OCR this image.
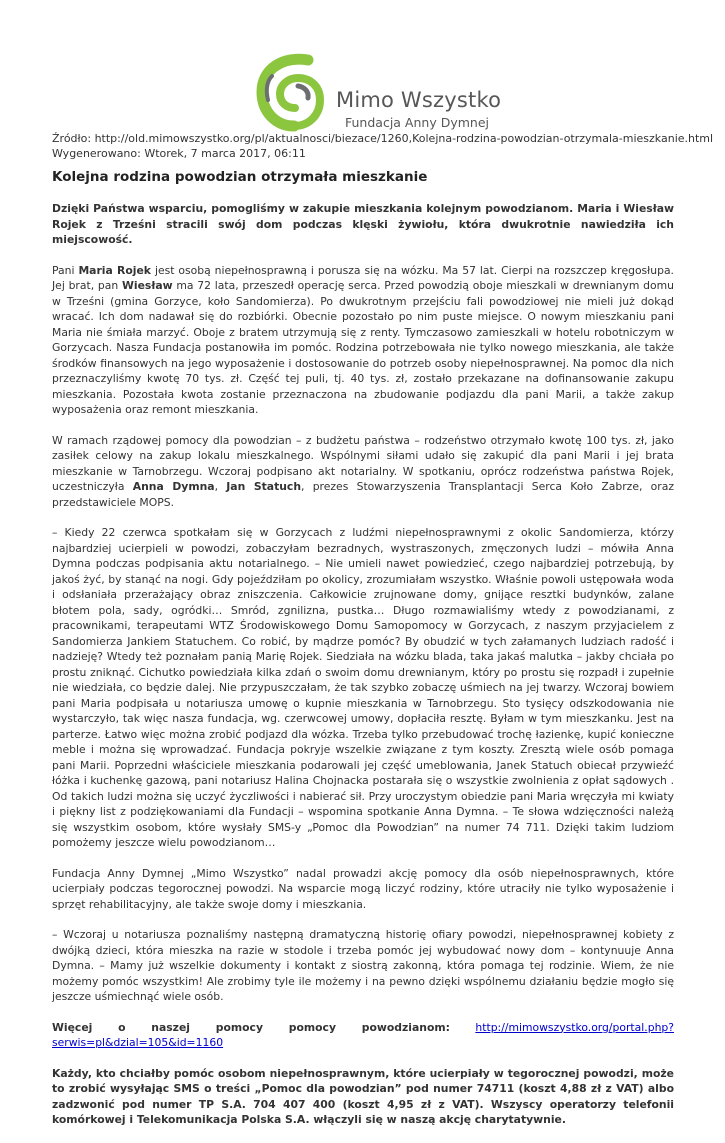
Mimo Wszystko
Fundacja Anny Dymnej
Źródło: http://old.mimowszystko.org/pl/aktualnosci/biezace/1260,Kolejna-rodzina-powodzian-otrzymala-mieszkanie.html
Wygenerowano: Wtorek, 7 marca 2017, 06:11
Kolejna rodzina powodzian otrzymała mieszkanie
Dzięki Państwa wsparciu, pomogliśmy w zakupie mieszkania kolejnym powodzianom. Maria i Wiesław Rojek z Trześni stracili swój dom podczas klęski żywiołu, która dwukrotnie nawiedziła ich miejscowość.
Pani Maria Rojek jest osobą niepełnosprawną i porusza się na wózku. Ma 57 lat. Cierpi na rozszczep kręgosłupa. Jej brat, pan Wiesław ma 72 lata, przeszedł operację serca. Przed powodzią oboje mieszkali w drewnianym domu w Trześni (gmina Gorzyce, koło Sandomierza). Po dwukrotnym przejściu fali powodziowej nie mieli już dokąd wracać. Ich dom nadawał się do rozbiórki. Obecnie pozostało po nim puste miejsce. O nowym mieszkaniu pani Maria nie śmiała marzyć. Oboje z bratem utrzymują się z renty. Tymczasowo zamieszkali w hotelu robotniczym w Gorzycach. Nasza Fundacja postanowiła im pomóc. Rodzina potrzebowała nie tylko nowego mieszkania, ale także środków finansowych na jego wyposażenie i dostosowanie do potrzeb osoby niepełnosprawnej. Na pomoc dla nich przeznaczyliśmy kwotę 70 tys. zł. Część tej puli, tj. 40 tys. zł, zostało przekazane na dofinansowanie zakupu mieszkania. Pozostała kwota zostanie przeznaczona na zbudowanie podjazdu dla pani Marii, a także zakup wyposażenia oraz remont mieszkania.
W ramach rządowej pomocy dla powodzian – z budżetu państwa – rodzeństwo otrzymało kwotę 100 tys. zł, jako zasiłek celowy na zakup lokalu mieszkalnego. Wspólnymi siłami udało się zakupić dla pani Marii i jej brata mieszkanie w Tarnobrzegu. Wczoraj podpisano akt notarialny. W spotkaniu, oprócz rodzeństwa państwa Rojek, uczestniczyła Anna Dymna, Jan Statuch, prezes Stowarzyszenia Transplantacji Serca Koło Zabrze, oraz przedstawiciele MOPS.
– Kiedy 22 czerwca spotkałam się w Gorzycach z ludźmi niepełnosprawnymi z okolic Sandomierza, którzy najbardziej ucierpieli w powodzi, zobaczyłam bezradnych, wystraszonych, zmęczonych ludzi – mówiła Anna Dymna podczas podpisania aktu notarialnego. – Nie umieli nawet powiedzieć, czego najbardziej potrzebują, by jakoś żyć, by stanąć na nogi. Gdy pojeździłam po okolicy, zrozumiałam wszystko. Właśnie powoli ustępowała woda i odsłaniała przerażający obraz zniszczenia. Całkowicie zrujnowane domy, gnijące resztki budynków, zalane błotem pola, sady, ogródki… Smród, zgnilizna, pustka… Długo rozmawialiśmy wtedy z powodzianami, z pracownikami, terapeutami WTZ Środowiskowego Domu Samopomocy w Gorzycach, z naszym przyjacielem z Sandomierza Jankiem Statuchem. Co robić, by mądrze pomóc? By obudzić w tych załamanych ludziach radość i nadzieję? Wtedy też poznałam panią Marię Rojek. Siedziała na wózku blada, taka jakaś malutka – jakby chciała po prostu zniknąć. Cichutko powiedziała kilka zdań o swoim domu drewnianym, który po prostu się rozpadł i zupełnie nie wiedziała, co będzie dalej. Nie przypuszczałam, że tak szybko zobaczę uśmiech na jej twarzy. Wczoraj bowiem pani Maria podpisała u notariusza umowę o kupnie mieszkania w Tarnobrzegu. Sto tysięcy odszkodowania nie wystarczyło, tak więc nasza fundacja, wg. czerwcowej umowy, dopłaciła resztę. Byłam w tym mieszkanku. Jest na parterze. Łatwo więc można zrobić podjazd dla wózka. Trzeba tylko przebudować trochę łazienkę, kupić konieczne meble i można się wprowadzać. Fundacja pokryje wszelkie związane z tym koszty. Zresztą wiele osób pomaga pani Marii. Poprzedni właściciele mieszkania podarowali jej część umeblowania, Janek Statuch obiecał przywieźć łóżka i kuchenkę gazową, pani notariusz Halina Chojnacka postarała się o wszystkie zwolnienia z opłat sądowych . Od takich ludzi można się uczyć życzliwości i nabierać sił. Przy uroczystym obiedzie pani Maria wręczyła mi kwiaty i piękny list z podziękowaniami dla Fundacji – wspomina spotkanie Anna Dymna. – Te słowa wdzięczności należą się wszystkim osobom, które wysłały SMS-y „Pomoc dla Powodzian” na numer 74 711. Dzięki takim ludziom pomożemy jeszcze wielu powodzianom…
Fundacja Anny Dymnej „Mimo Wszystko” nadal prowadzi akcję pomocy dla osób niepełnosprawnych, które ucierpiały podczas tegorocznej powodzi. Na wsparcie mogą liczyć rodziny, które utraciły nie tylko wyposażenie i sprzęt rehabilitacyjny, ale także swoje domy i mieszkania.
– Wczoraj u notariusza poznaliśmy następną dramatyczną historię ofiary powodzi, niepełnosprawnej kobiety z dwójką dzieci, która mieszka na razie w stodole i trzeba pomóc jej wybudować nowy dom – kontynuuje Anna Dymna. – Mamy już wszelkie dokumenty i kontakt z siostrą zakonną, która pomaga tej rodzinie. Wiem, że nie możemy pomóc wszystkim! Ale zrobimy tyle ile możemy i na pewno dzięki wspólnemu działaniu będzie mogło się jeszcze uśmiechnąć wiele osób.
Więcej o naszej pomocy pomocy powodzianom: http://mimowszystko.org/portal.php?serwis=pl&dzial=105&id=1160
Każdy, kto chciałby pomóc osobom niepełnosprawnym, które ucierpiały w tegorocznej powodzi, może to zrobić wysyłając SMS o treści „Pomoc dla powodzian” pod numer 74711 (koszt 4,88 zł z VAT) albo zadzwonić pod numer TP S.A. 704 407 400 (koszt 4,95 zł z VAT). Wszyscy operatorzy telefonii komórkowej i Telekomunikacja Polska S.A. włączyli się w naszą akcję charytatywnie.
